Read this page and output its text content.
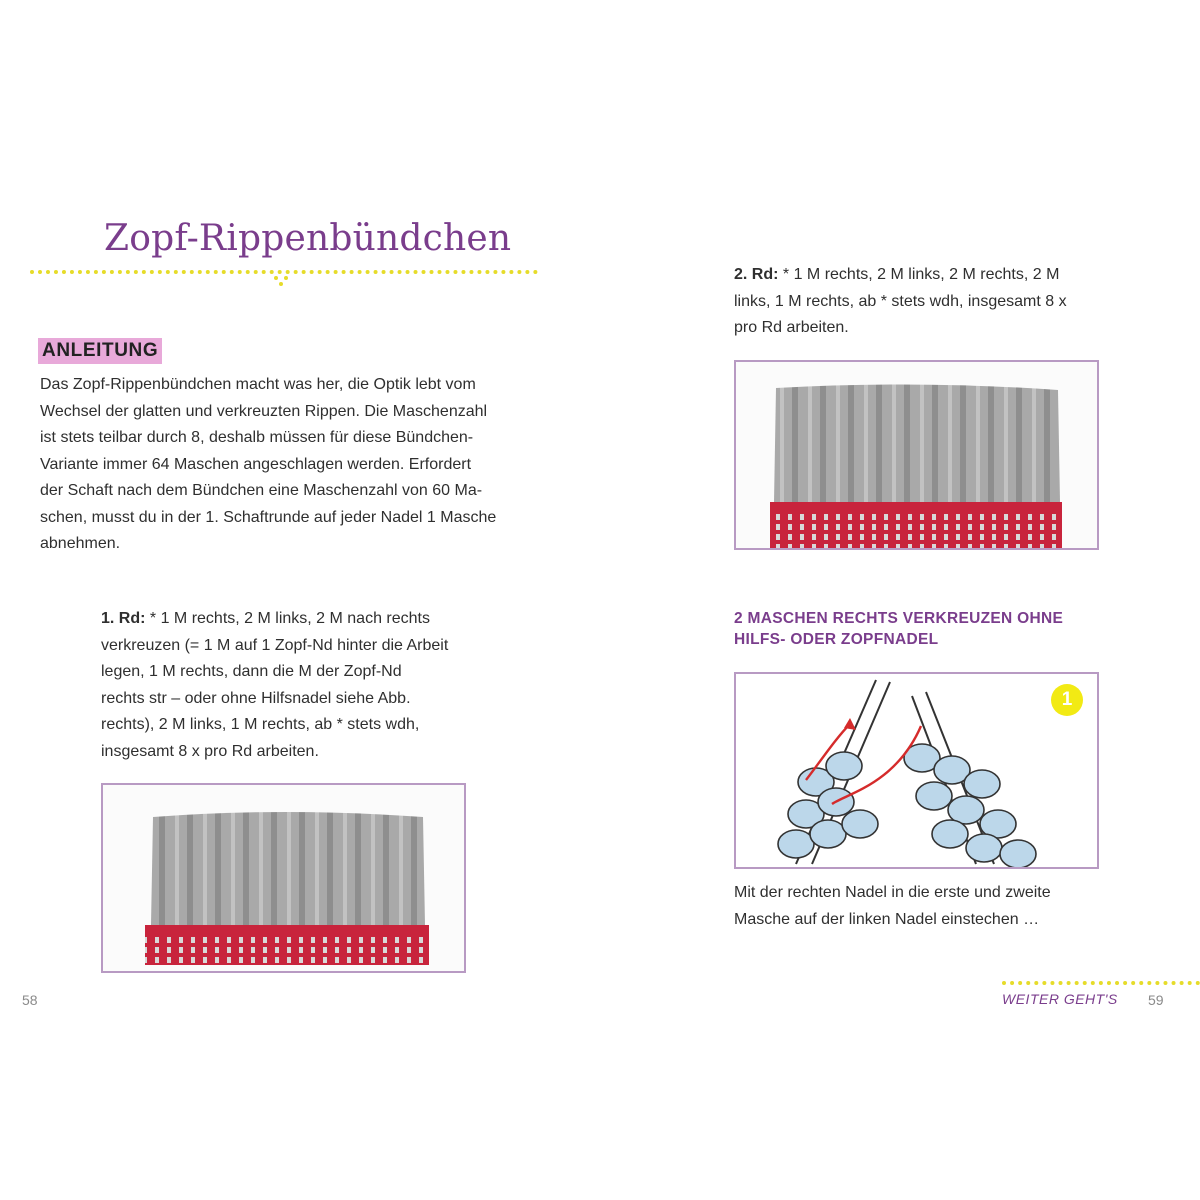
Zopf-Rippenbündchen
ANLEITUNG
Das Zopf-Rippenbündchen macht was her, die Optik lebt vom
Wechsel der glatten und verkreuzten Rippen. Die Maschenzahl
ist stets teilbar durch 8, deshalb müssen für diese Bündchen-
Variante immer 64 Maschen angeschlagen werden. Erfordert
der Schaft nach dem Bündchen eine Maschenzahl von 60 Ma-
schen, musst du in der 1. Schaftrunde auf jeder Nadel 1 Masche
abnehmen.
1. Rd: * 1 M rechts, 2 M links, 2 M nach rechts
verkreuzen (= 1 M auf 1 Zopf-Nd hinter die Arbeit
legen, 1 M rechts, dann die M der Zopf-Nd
rechts str – oder ohne Hilfsnadel siehe Abb.
rechts), 2 M links, 1 M rechts, ab * stets wdh,
insgesamt 8 x pro Rd arbeiten.
58
2. Rd: * 1 M rechts, 2 M links, 2 M rechts, 2 M
links, 1 M rechts, ab * stets wdh, insgesamt 8 x
pro Rd arbeiten.
2 MASCHEN RECHTS VERKREUZEN OHNE
HILFS- ODER ZOPFNADEL
1
Mit der rechten Nadel in die erste und zweite
Masche auf der linken Nadel einstechen …
WEITER GEHT'S 59
